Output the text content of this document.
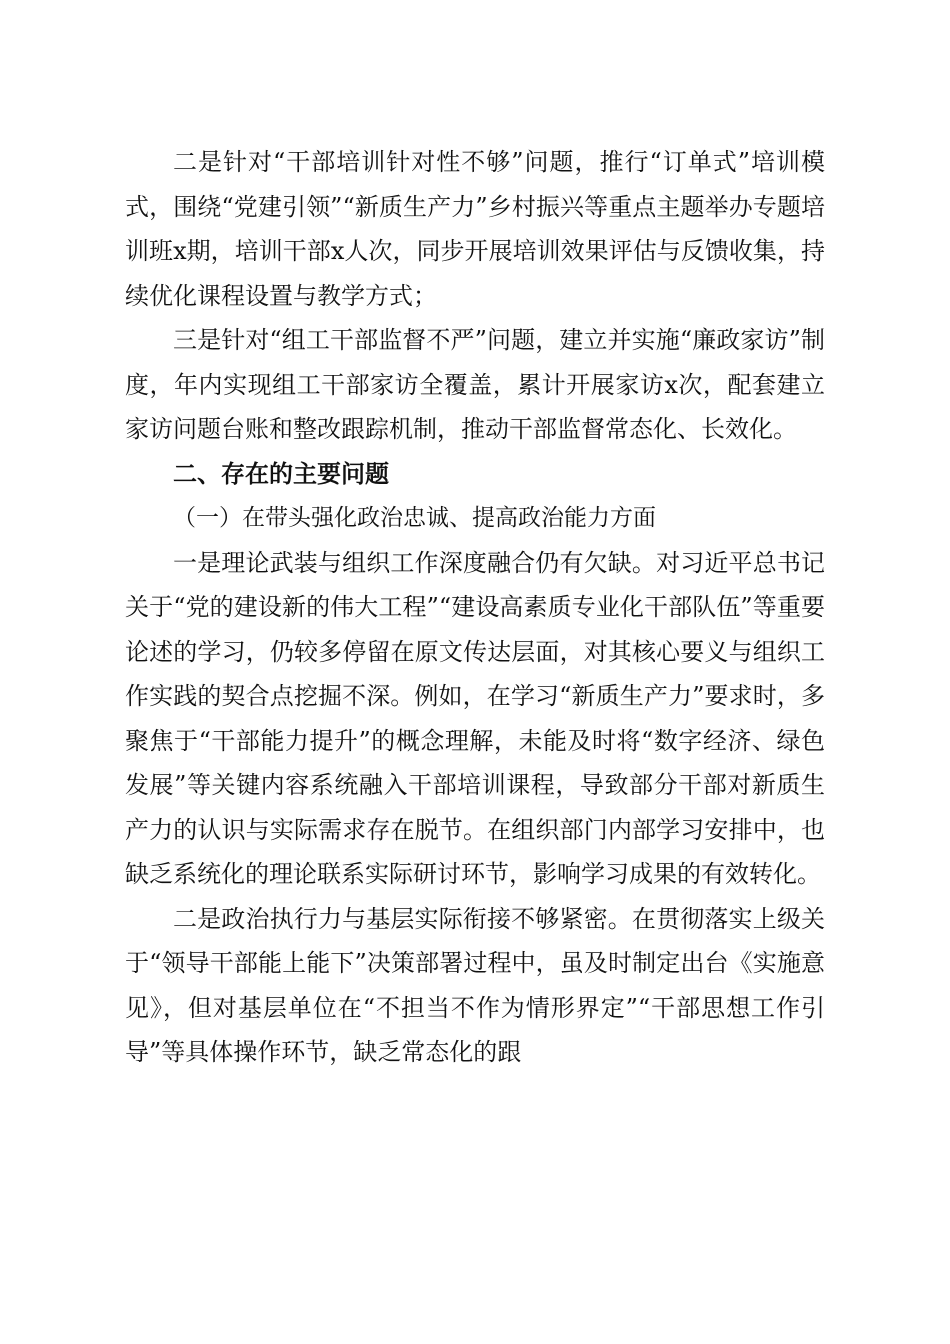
二是针对“干部培训针对性不够”问题，推行“订单式”培训模式，围绕“党建引领”“新质生产力”乡村振兴等重点主题举办专题培训班x期，培训干部x人次，同步开展培训效果评估与反馈收集，持续优化课程设置与教学方式；

三是针对“组工干部监督不严”问题，建立并实施“廉政家访”制度，年内实现组工干部家访全覆盖，累计开展家访x次，配套建立家访问题台账和整改跟踪机制，推动干部监督常态化、长效化。

二、存在的主要问题

（一）在带头强化政治忠诚、提高政治能力方面

一是理论武装与组织工作深度融合仍有欠缺。对习近平总书记关于“党的建设新的伟大工程”“建设高素质专业化干部队伍”等重要论述的学习，仍较多停留在原文传达层面，对其核心要义与组织工作实践的契合点挖掘不深。例如，在学习“新质生产力”要求时，多聚焦于“干部能力提升”的概念理解，未能及时将“数字经济、绿色发展”等关键内容系统融入干部培训课程，导致部分干部对新质生产力的认识与实际需求存在脱节。在组织部门内部学习安排中，也缺乏系统化的理论联系实际研讨环节，影响学习成果的有效转化。

二是政治执行力与基层实际衔接不够紧密。在贯彻落实上级关于“领导干部能上能下”决策部署过程中，虽及时制定出台《实施意见》，但对基层单位在“不担当不作为情形界定”“干部思想工作引导”等具体操作环节，缺乏常态化的跟
